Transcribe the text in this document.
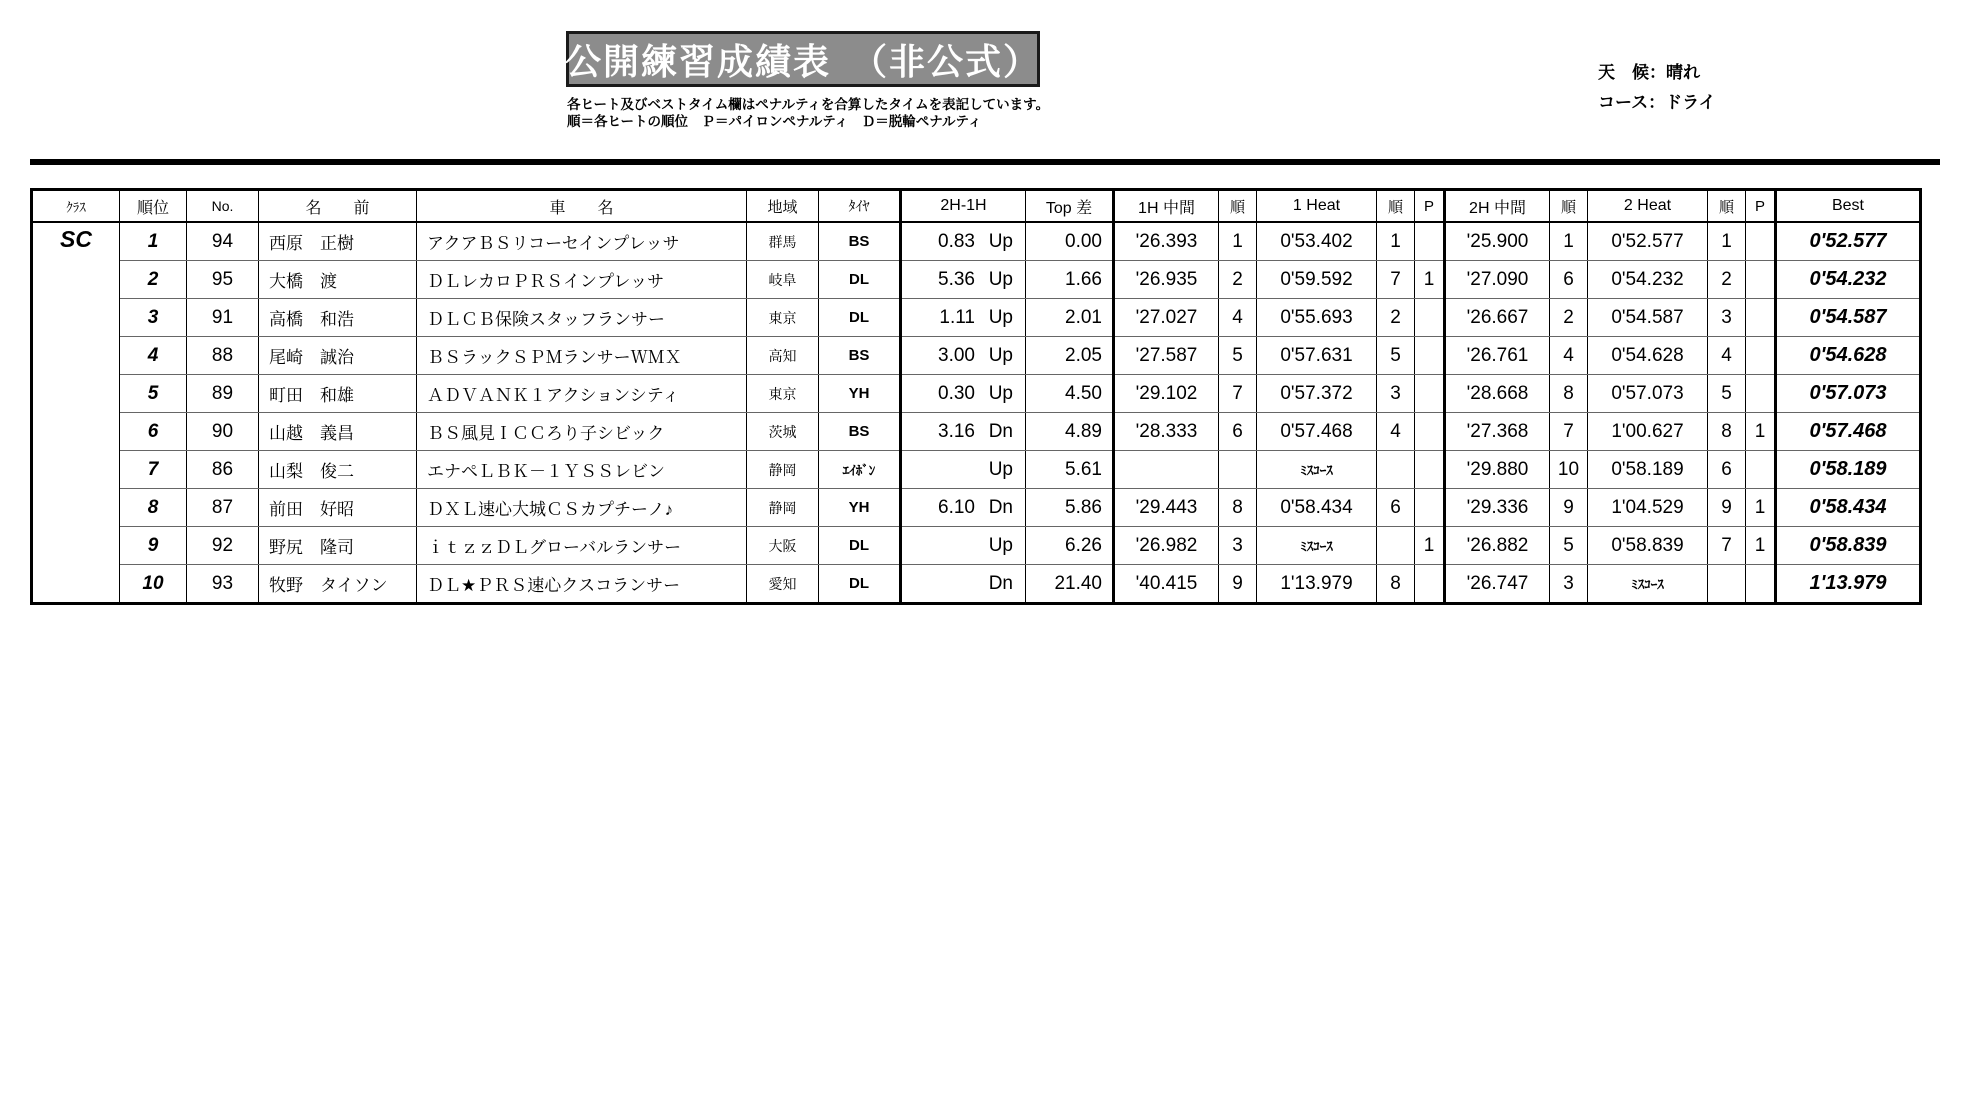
公開練習成績表　（非公式）
各ヒート及びベストタイム欄はペナルティを合算したタイムを表記しています。
順＝各ヒートの順位　Ｐ＝パイロンペナルティ　Ｄ＝脱輪ペナルティ
天　候：晴れ
コース：ドライ
ｸﾗｽ	順位	No.	名　　前	車　　名	地域	ﾀｲﾔ	2H-1H	Top 差	1H 中間	順	1 Heat	順	P	2H 中間	順	2 Heat	順	P	Best
SC	1	94	西原　正樹	アクアＢＳリコーセインプレッサ	群馬	BS	0.83 Up	0.00	'26.393	1	0'53.402	1		'25.900	1	0'52.577	1		0'52.577
	2	95	大橋　渡	ＤＬレカロＰＲＳインプレッサ	岐阜	DL	5.36 Up	1.66	'26.935	2	0'59.592	7	1	'27.090	6	0'54.232	2		0'54.232
	3	91	高橋　和浩	ＤＬＣＢ保険スタッフランサー	東京	DL	1.11 Up	2.01	'27.027	4	0'55.693	2		'26.667	2	0'54.587	3		0'54.587
	4	88	尾崎　誠治	ＢＳラックＳＰＭランサーＷＭＸ	高知	BS	3.00 Up	2.05	'27.587	5	0'57.631	5		'26.761	4	0'54.628	4		0'54.628
	5	89	町田　和雄	ＡＤＶＡＮＫ１アクションシティ	東京	YH	0.30 Up	4.50	'29.102	7	0'57.372	3		'28.668	8	0'57.073	5		0'57.073
	6	90	山越　義昌	ＢＳ風見ＩＣＣろり子シビック	茨城	BS	3.16 Dn	4.89	'28.333	6	0'57.468	4		'27.368	7	1'00.627	8	1	0'57.468
	7	86	山梨　俊二	エナペＬＢＫ－１ＹＳＳレビン	静岡	ｴｲﾎﾞﾝ	Up	5.61			ﾐｽｺｰｽ			'29.880	10	0'58.189	6		0'58.189
	8	87	前田　好昭	ＤＸＬ速心大城ＣＳカプチーノ♪	静岡	YH	6.10 Dn	5.86	'29.443	8	0'58.434	6		'29.336	9	1'04.529	9	1	0'58.434
	9	92	野尻　隆司	ｉｔｚｚＤＬグローバルランサー	大阪	DL	Up	6.26	'26.982	3	ﾐｽｺｰｽ		1	'26.882	5	0'58.839	7	1	0'58.839
	10	93	牧野　タイソン	ＤＬ★ＰＲＳ速心クスコランサー	愛知	DL	Dn	21.40	'40.415	9	1'13.979	8		'26.747	3	ﾐｽｺｰｽ			1'13.979
